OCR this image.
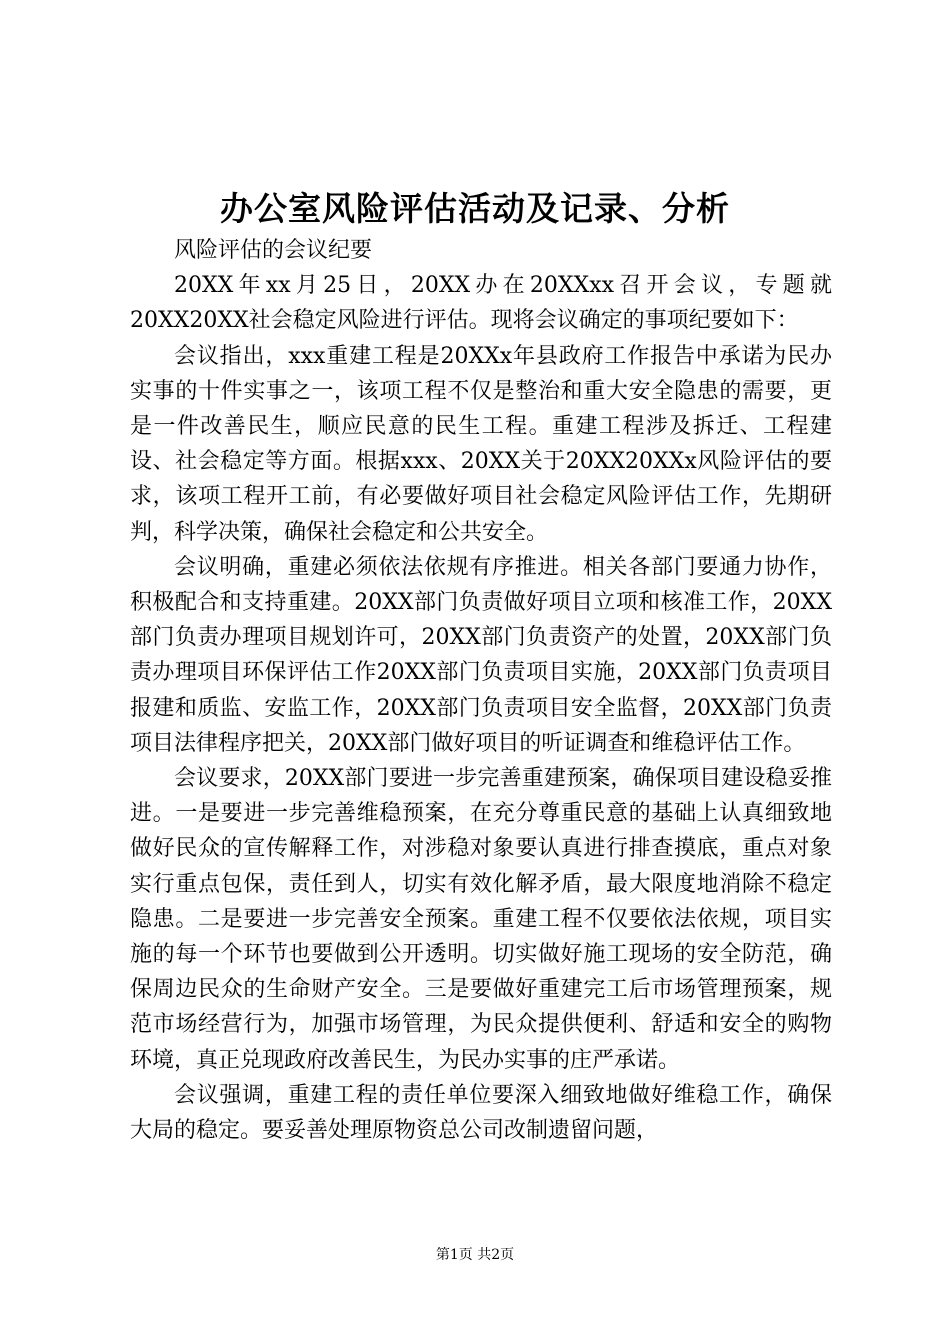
办公室风险评估活动及记录、分析

风险评估的会议纪要

20XX年xx月25日，20XX办在20XXxx召开会议，专题就20XX20XX社会稳定风险进行评估。现将会议确定的事项纪要如下：

会议指出，xxx重建工程是20XXx年县政府工作报告中承诺为民办实事的十件实事之一，该项工程不仅是整治和重大安全隐患的需要，更是一件改善民生，顺应民意的民生工程。重建工程涉及拆迁、工程建设、社会稳定等方面。根据xxx、20XX关于20XX20XXx风险评估的要求，该项工程开工前，有必要做好项目社会稳定风险评估工作，先期研判，科学决策，确保社会稳定和公共安全。

会议明确，重建必须依法依规有序推进。相关各部门要通力协作，积极配合和支持重建。20XX部门负责做好项目立项和核准工作，20XX部门负责办理项目规划许可，20XX部门负责资产的处置，20XX部门负责办理项目环保评估工作20XX部门负责项目实施，20XX部门负责项目报建和质监、安监工作，20XX部门负责项目安全监督，20XX部门负责项目法律程序把关，20XX部门做好项目的听证调查和维稳评估工作。

会议要求，20XX部门要进一步完善重建预案，确保项目建设稳妥推进。一是要进一步完善维稳预案，在充分尊重民意的基础上认真细致地做好民众的宣传解释工作，对涉稳对象要认真进行排查摸底，重点对象实行重点包保，责任到人，切实有效化解矛盾，最大限度地消除不稳定隐患。二是要进一步完善安全预案。重建工程不仅要依法依规，项目实施的每一个环节也要做到公开透明。切实做好施工现场的安全防范，确保周边民众的生命财产安全。三是要做好重建完工后市场管理预案，规范市场经营行为，加强市场管理，为民众提供便利、舒适和安全的购物环境，真正兑现政府改善民生，为民办实事的庄严承诺。

会议强调，重建工程的责任单位要深入细致地做好维稳工作，确保大局的稳定。要妥善处理原物资总公司改制遗留问题，

第1页 共2页
